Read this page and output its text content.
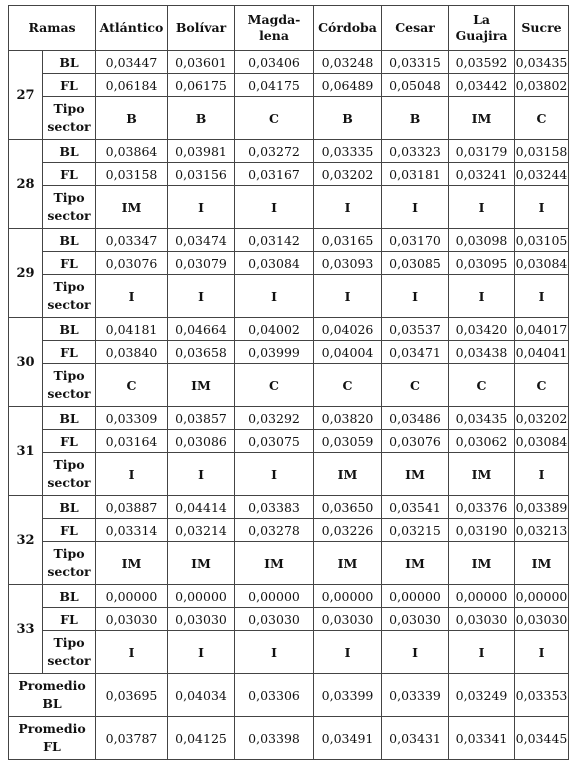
Ramas		Atlántico	Bolívar	Magda-
lena	Córdoba	Cesar	La
Guajira	Sucre

27	BL	0,03447	0,03601	0,03406	0,03248	0,03315	0,03592	0,03435
	FL	0,06184	0,06175	0,04175	0,06489	0,05048	0,03442	0,03802

	Tipo
sector	B	B	C	B	B	IM	C
28	BL	0,03864	0,03981	0,03272	0,03335	0,03323	0,03179	0,03158
	FL	0,03158	0,03156	0,03167	0,03202	0,03181	0,03241	0,03244

	Tipo
sector	IM	I	I	I	I	I	I
29	BL	0,03347	0,03474	0,03142	0,03165	0,03170	0,03098	0,03105
	FL	0,03076	0,03079	0,03084	0,03093	0,03085	0,03095	0,03084

	Tipo
sector	I	I	I	I	I	I	I
30	BL	0,04181	0,04664	0,04002	0,04026	0,03537	0,03420	0,04017
	FL	0,03840	0,03658	0,03999	0,04004	0,03471	0,03438	0,04041

	Tipo
sector	C	IM	C	C	C	C	C
31	BL	0,03309	0,03857	0,03292	0,03820	0,03486	0,03435	0,03202
	FL	0,03164	0,03086	0,03075	0,03059	0,03076	0,03062	0,03084

	Tipo
sector	I	I	I	IM	IM	IM	I
32	BL	0,03887	0,04414	0,03383	0,03650	0,03541	0,03376	0,03389
	FL	0,03314	0,03214	0,03278	0,03226	0,03215	0,03190	0,03213

	Tipo
sector	IM	IM	IM	IM	IM	IM	IM
33	BL	0,00000	0,00000	0,00000	0,00000	0,00000	0,00000	0,00000
	FL	0,03030	0,03030	0,03030	0,03030	0,03030	0,03030	0,03030

	Tipo
sector	I	I	I	I	I	I	I

Promedio
BL		0,03695	0,04034	0,03306	0,03399	0,03339	0,03249	0,03353

Promedio
FL		0,03787	0,04125	0,03398	0,03491	0,03431	0,03341	0,03445
